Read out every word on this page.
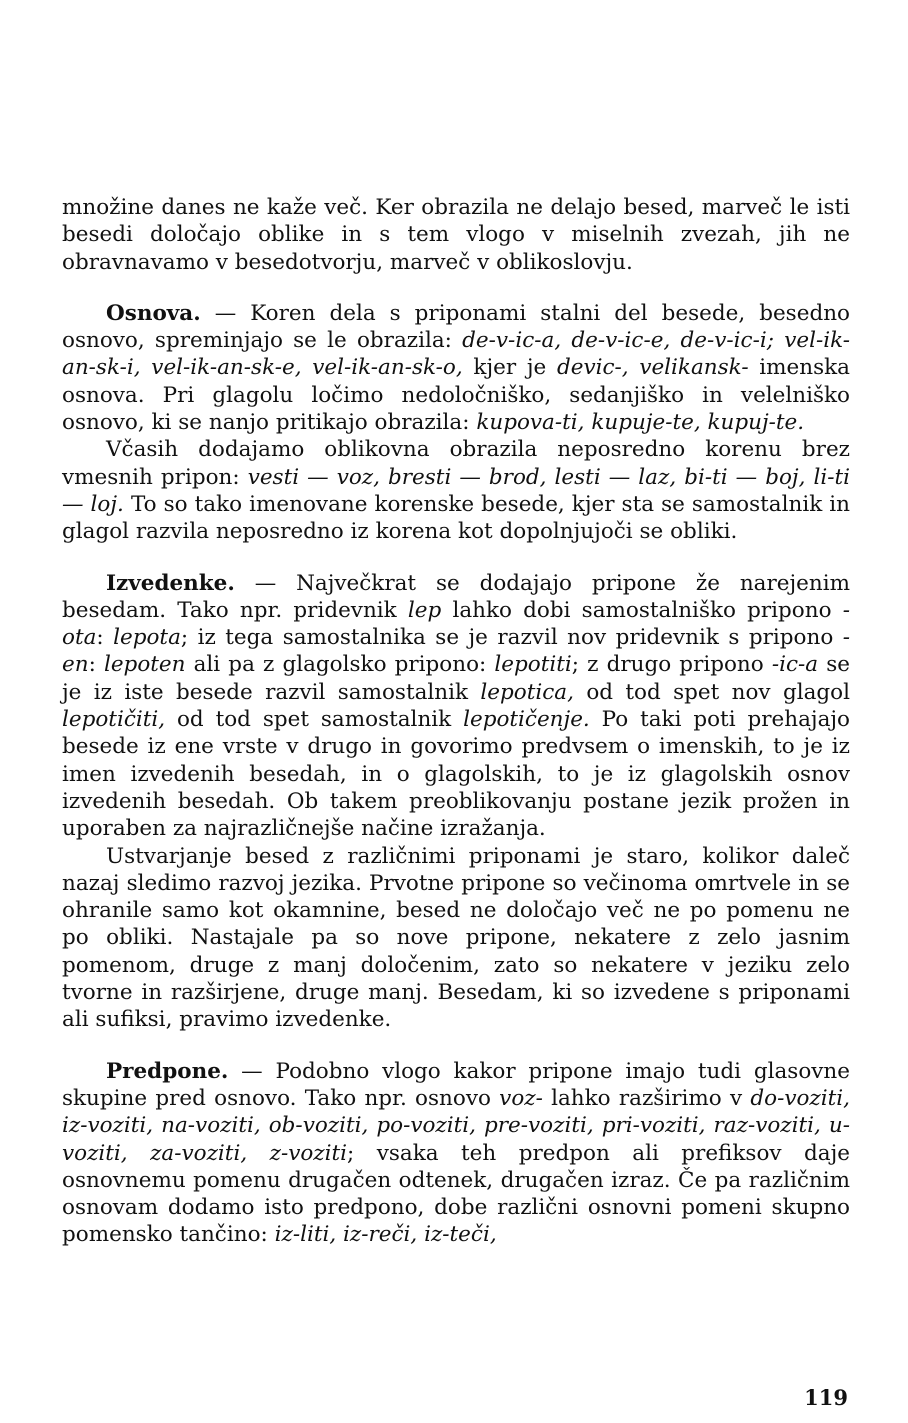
množine danes ne kaže več. Ker obrazila ne delajo besed, marveč le isti besedi določajo oblike in s tem vlogo v miselnih zvezah, jih ne obravnavamo v besedotvorju, marveč v oblikoslovju.

Osnova. — Koren dela s priponami stalni del besede, besedno osnovo, spreminjajo se le obrazila: de-v-ic-a, de-v-ic-e, de-v-ic-i; vel-ik-an-sk-i, vel-ik-an-sk-e, vel-ik-an-sk-o, kjer je devic-, velikansk- imenska osnova. Pri glagolu ločimo nedoločniško, sedanjiško in velelniško osnovo, ki se nanjo pritikajo obrazila: kupova-ti, kupuje-te, kupuj-te.

Včasih dodajamo oblikovna obrazila neposredno korenu brez vmesnih pripon: vesti — voz, bresti — brod, lesti — laz, bi-ti — boj, li-ti — loj. To so tako imenovane korenske besede, kjer sta se samostalnik in glagol razvila neposredno iz korena kot dopolnjujoči se obliki.

Izvedenke. — Največkrat se dodajajo pripone že narejenim besedam. Tako npr. pridevnik lep lahko dobi samostalniško pripono -ota: lepota; iz tega samostalnika se je razvil nov pridevnik s pripono -en: lepoten ali pa z glagolsko pripono: lepotiti; z drugo pripono -ic-a se je iz iste besede razvil samostalnik lepotica, od tod spet nov glagol lepotičiti, od tod spet samostalnik lepotičenje. Po taki poti prehajajo besede iz ene vrste v drugo in govorimo predvsem o imenskih, to je iz imen izvedenih besedah, in o glagolskih, to je iz glagolskih osnov izvedenih besedah. Ob takem preoblikovanju postane jezik prožen in uporaben za najrazličnejše načine izražanja.

Ustvarjanje besed z različnimi priponami je staro, kolikor daleč nazaj sledimo razvoj jezika. Prvotne pripone so večinoma omrtvele in se ohranile samo kot okamnine, besed ne določajo več ne po pomenu ne po obliki. Nastajale pa so nove pripone, nekatere z zelo jasnim pomenom, druge z manj določenim, zato so nekatere v jeziku zelo tvorne in razširjene, druge manj. Besedam, ki so izvedene s priponami ali sufiksi, pravimo izvedenke.

Predpone. — Podobno vlogo kakor pripone imajo tudi glasovne skupine pred osnovo. Tako npr. osnovo voz- lahko razširimo v do-voziti, iz-voziti, na-voziti, ob-voziti, po-voziti, pre-voziti, pri-voziti, raz-voziti, u-voziti, za-voziti, z-voziti; vsaka teh predpon ali prefiksov daje osnovnemu pomenu drugačen odtenek, drugačen izraz. Če pa različnim osnovam dodamo isto predpono, dobe različni osnovni pomeni skupno pomensko tančino: iz-liti, iz-reči, iz-teči,

119
